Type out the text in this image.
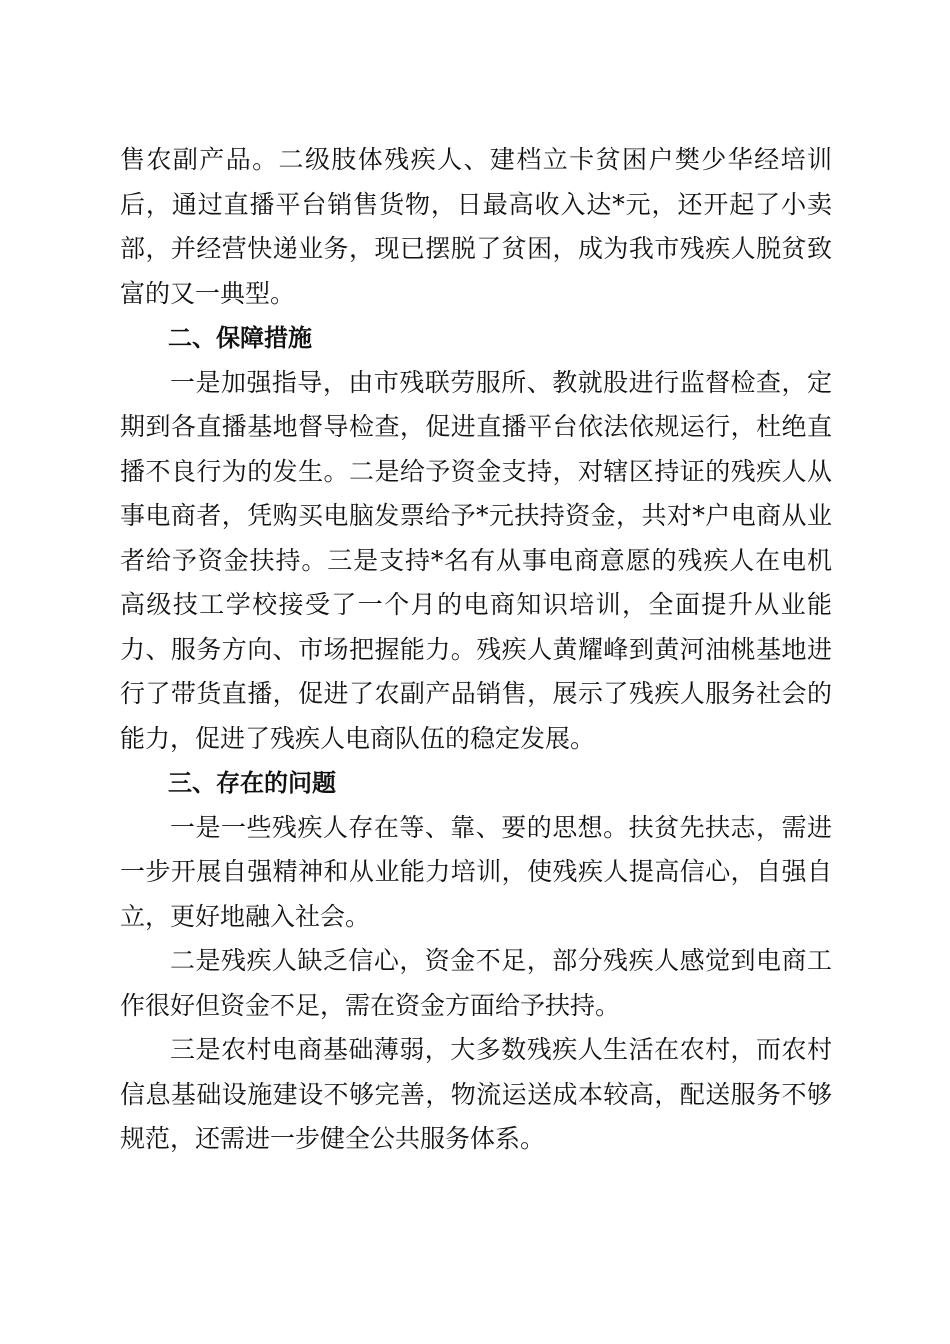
售农副产品。二级肢体残疾人、建档立卡贫困户樊少华经培训后，通过直播平台销售货物，日最高收入达*元，还开起了小卖部，并经营快递业务，现已摆脱了贫困，成为我市残疾人脱贫致富的又一典型。

二、保障措施

一是加强指导，由市残联劳服所、教就股进行监督检查，定期到各直播基地督导检查，促进直播平台依法依规运行，杜绝直播不良行为的发生。二是给予资金支持，对辖区持证的残疾人从事电商者，凭购买电脑发票给予*元扶持资金，共对*户电商从业者给予资金扶持。三是支持*名有从事电商意愿的残疾人在电机高级技工学校接受了一个月的电商知识培训，全面提升从业能力、服务方向、市场把握能力。残疾人黄耀峰到黄河油桃基地进行了带货直播，促进了农副产品销售，展示了残疾人服务社会的能力，促进了残疾人电商队伍的稳定发展。

三、存在的问题

一是一些残疾人存在等、靠、要的思想。扶贫先扶志，需进一步开展自强精神和从业能力培训，使残疾人提高信心，自强自立，更好地融入社会。

二是残疾人缺乏信心，资金不足，部分残疾人感觉到电商工作很好但资金不足，需在资金方面给予扶持。

三是农村电商基础薄弱，大多数残疾人生活在农村，而农村信息基础设施建设不够完善，物流运送成本较高，配送服务不够规范，还需进一步健全公共服务体系。
